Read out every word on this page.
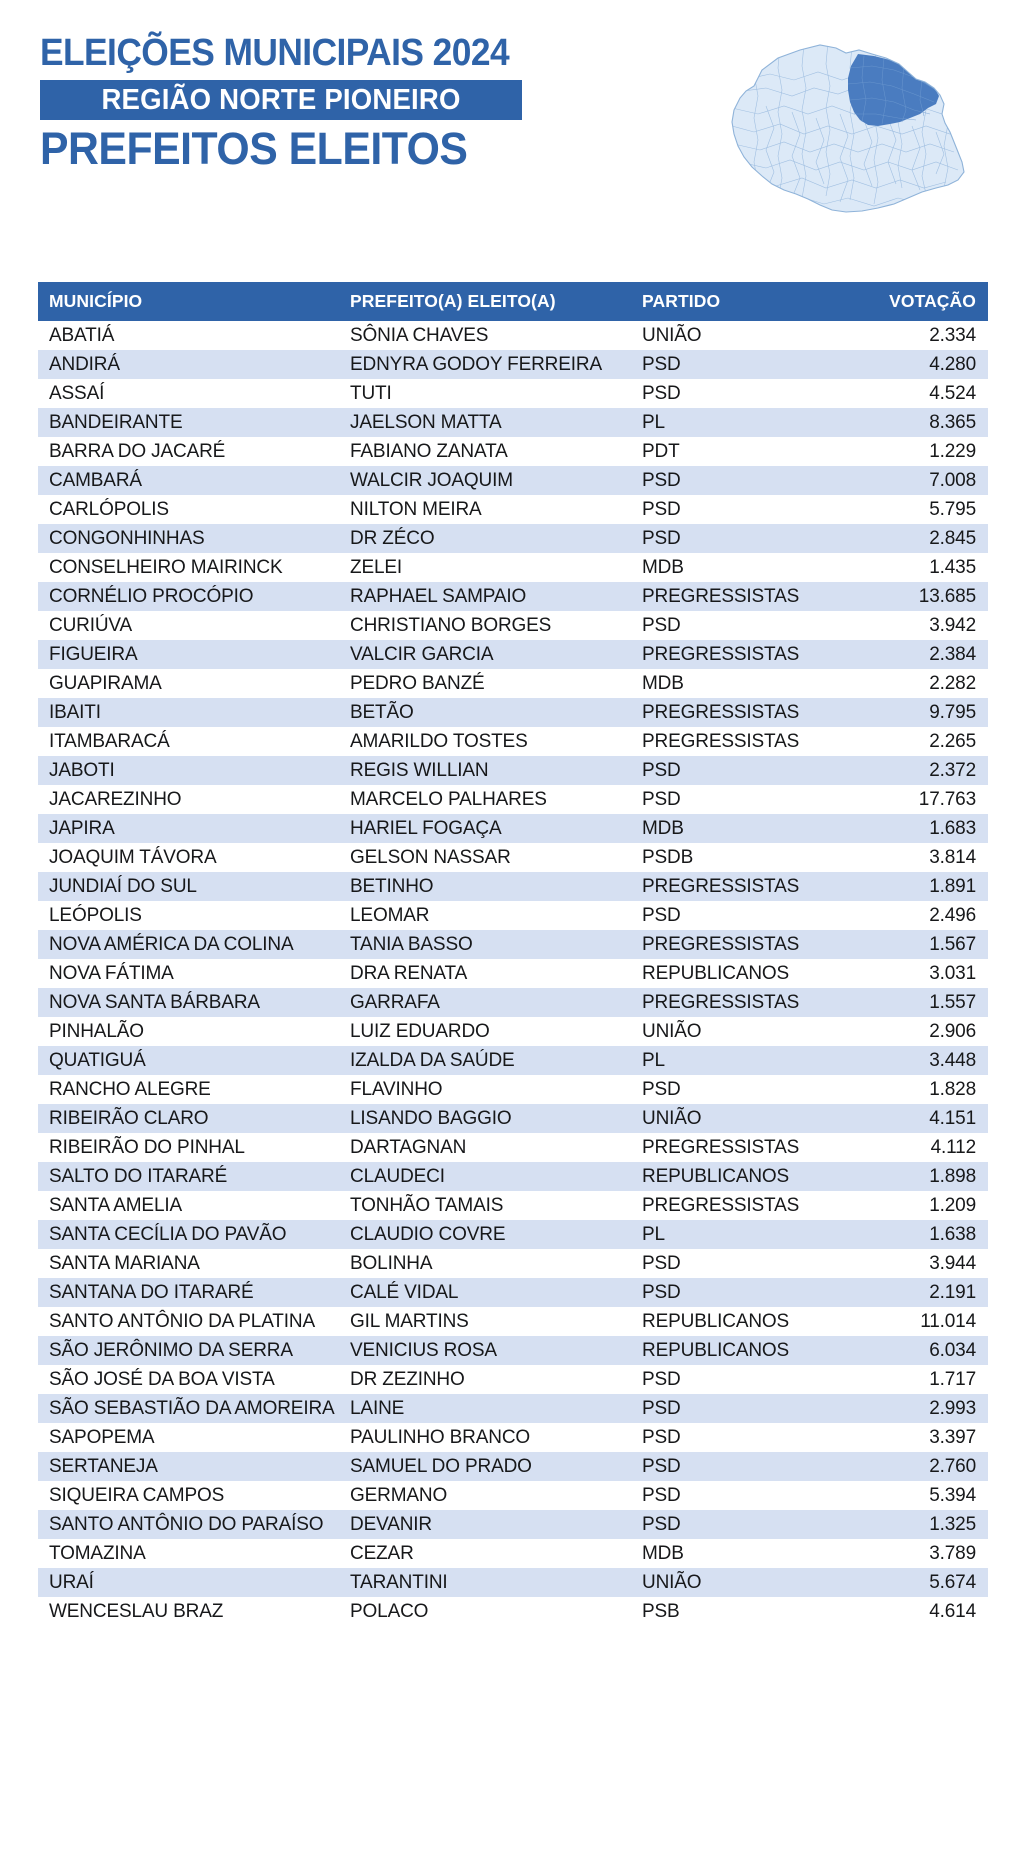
ELEIÇÕES MUNICIPAIS 2024
REGIÃO NORTE PIONEIRO
PREFEITOS ELEITOS
MUNICÍPIO	PREFEITO(A) ELEITO(A)	PARTIDO	VOTAÇÃO
ABATIÁ	SÔNIA CHAVES	UNIÃO	2.334
ANDIRÁ	EDNYRA GODOY FERREIRA	PSD	4.280
ASSAÍ	TUTI	PSD	4.524
BANDEIRANTE	JAELSON MATTA	PL	8.365
BARRA DO JACARÉ	FABIANO ZANATA	PDT	1.229
CAMBARÁ	WALCIR JOAQUIM	PSD	7.008
CARLÓPOLIS	NILTON MEIRA	PSD	5.795
CONGONHINHAS	DR ZÉCO	PSD	2.845
CONSELHEIRO MAIRINCK	ZELEI	MDB	1.435
CORNÉLIO PROCÓPIO	RAPHAEL SAMPAIO	PREGRESSISTAS	13.685
CURIÚVA	CHRISTIANO BORGES	PSD	3.942
FIGUEIRA	VALCIR GARCIA	PREGRESSISTAS	2.384
GUAPIRAMA	PEDRO BANZÉ	MDB	2.282
IBAITI	BETÃO	PREGRESSISTAS	9.795
ITAMBARACÁ	AMARILDO TOSTES	PREGRESSISTAS	2.265
JABOTI	REGIS WILLIAN	PSD	2.372
JACAREZINHO	MARCELO PALHARES	PSD	17.763
JAPIRA	HARIEL FOGAÇA	MDB	1.683
JOAQUIM TÁVORA	GELSON NASSAR	PSDB	3.814
JUNDIAÍ DO SUL	BETINHO	PREGRESSISTAS	1.891
LEÓPOLIS	LEOMAR	PSD	2.496
NOVA AMÉRICA DA COLINA	TANIA BASSO	PREGRESSISTAS	1.567
NOVA FÁTIMA	DRA RENATA	REPUBLICANOS	3.031
NOVA SANTA BÁRBARA	GARRAFA	PREGRESSISTAS	1.557
PINHALÃO	LUIZ EDUARDO	UNIÃO	2.906
QUATIGUÁ	IZALDA DA SAÚDE	PL	3.448
RANCHO ALEGRE	FLAVINHO	PSD	1.828
RIBEIRÃO CLARO	LISANDO BAGGIO	UNIÃO	4.151
RIBEIRÃO DO PINHAL	DARTAGNAN	PREGRESSISTAS	4.112
SALTO DO ITARARÉ	CLAUDECI	REPUBLICANOS	1.898
SANTA AMELIA	TONHÃO TAMAIS	PREGRESSISTAS	1.209
SANTA CECÍLIA DO PAVÃO	CLAUDIO COVRE	PL	1.638
SANTA MARIANA	BOLINHA	PSD	3.944
SANTANA DO ITARARÉ	CALÉ VIDAL	PSD	2.191
SANTO ANTÔNIO DA PLATINA	GIL MARTINS	REPUBLICANOS	11.014
SÃO JERÔNIMO DA SERRA	VENICIUS ROSA	REPUBLICANOS	6.034
SÃO JOSÉ DA BOA VISTA	DR ZEZINHO	PSD	1.717
SÃO SEBASTIÃO DA AMOREIRA	LAINE	PSD	2.993
SAPOPEMA	PAULINHO BRANCO	PSD	3.397
SERTANEJA	SAMUEL DO PRADO	PSD	2.760
SIQUEIRA CAMPOS	GERMANO	PSD	5.394
SANTO ANTÔNIO DO PARAÍSO	DEVANIR	PSD	1.325
TOMAZINA	CEZAR	MDB	3.789
URAÍ	TARANTINI	UNIÃO	5.674
WENCESLAU BRAZ	POLACO	PSB	4.614
